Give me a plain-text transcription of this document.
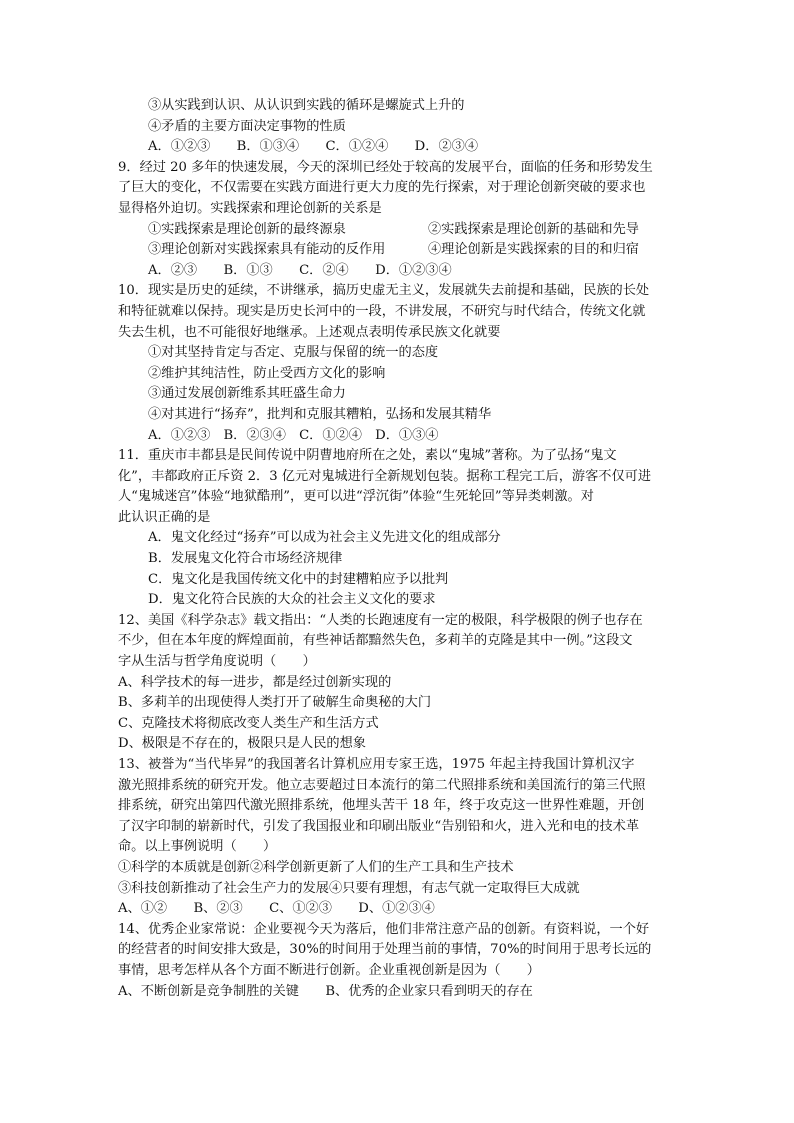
③从实践到认识、从认识到实践的循环是螺旋式上升的
④矛盾的主要方面决定事物的性质
A．①②③　　B．①③④　　C．①②④　　D．②③④
9．经过 20 多年的快速发展，今天的深圳已经处于较高的发展平台，面临的任务和形势发生
了巨大的变化，不仅需要在实践方面进行更大力度的先行探索，对于理论创新突破的要求也
显得格外迫切。实践探索和理论创新的关系是
①实践探索是理论创新的最终源泉	②实践探索是理论创新的基础和先导
③理论创新对实践探索具有能动的反作用	④理论创新是实践探索的目的和归宿
A．②③　　B．①③　　C．②④　　D．①②③④
10．现实是历史的延续，不讲继承，搞历史虚无主义，发展就失去前提和基础，民族的长处
和特征就难以保持。现实是历史长河中的一段，不讲发展，不研究与时代结合，传统文化就
失去生机，也不可能很好地继承。上述观点表明传承民族文化就要
①对其坚持肯定与否定、克服与保留的统一的态度
②维护其纯洁性，防止受西方文化的影响
③通过发展创新维系其旺盛生命力
④对其进行“扬弃”，批判和克服其糟粕，弘扬和发展其精华
A．①②③　B．②③④　C．①②④　D．①③④
11．重庆市丰都县是民间传说中阴曹地府所在之处，素以“鬼城”著称。为了弘扬“鬼文
化”，丰都政府正斥资 2．3 亿元对鬼城进行全新规划包装。据称工程完工后，游客不仅可进
人“鬼城迷宫”体验“地狱酷刑”，更可以进“浮沉街”体验“生死轮回”等异类刺激。对
此认识正确的是
A．鬼文化经过“扬弃”可以成为社会主义先进文化的组成部分
B．发展鬼文化符合市场经济规律
C．鬼文化是我国传统文化中的封建糟粕应予以批判
D．鬼文化符合民族的大众的社会主义文化的要求
12、美国《科学杂志》载文指出：“人类的长跑速度有一定的极限，科学极限的例子也存在
不少，但在本年度的辉煌面前，有些神话都黯然失色，多莉羊的克隆是其中一例。”这段文
字从生活与哲学角度说明（　　）
A、科学技术的每一进步，都是经过创新实现的
B、多莉羊的出现使得人类打开了破解生命奥秘的大门
C、克隆技术将彻底改变人类生产和生活方式
D、极限是不存在的，极限只是人民的想象
13、被誉为“当代毕昇”的我国著名计算机应用专家王选，1975 年起主持我国计算机汉字
激光照排系统的研究开发。他立志要超过日本流行的第二代照排系统和美国流行的第三代照
排系统，研究出第四代激光照排系统，他埋头苦干 18 年，终于攻克这一世界性难题，开创
了汉字印制的崭新时代，引发了我国报业和印刷出版业“告别铅和火，进入光和电的技术革
命。以上事例说明（　　）
①科学的本质就是创新②科学创新更新了人们的生产工具和生产技术
③科技创新推动了社会生产力的发展④只要有理想，有志气就一定取得巨大成就
A、①②　　B、②③　　C、①②③　　D、①②③④
14、优秀企业家常说：企业要视今天为落后，他们非常注意产品的创新。有资料说，一个好
的经营者的时间安排大致是，30%的时间用于处理当前的事情，70%的时间用于思考长远的
事情，思考怎样从各个方面不断进行创新。企业重视创新是因为（　　）
A、不断创新是竞争制胜的关键　　B、优秀的企业家只看到明天的存在
